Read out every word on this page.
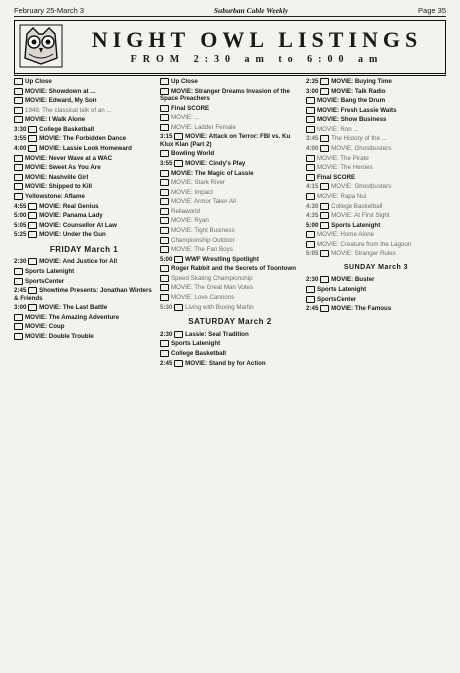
February 25-March 3	Suburban Cable Weekly	Page 35
NIGHT OWL LISTINGS
FROM 2:30 am to 6:00 am
Up Close
MOVIE: Showdown at ...
MOVIE: Edward, My Son
1949. The classical talk of an ...
MOVIE: I Walk Alone
3:30 College Basketball
3:55 MOVIE: The Forbidden Dance
4:00 MOVIE: Lassie Look Homeward
MOVIE: Never Wave at a WAC
MOVIE: Sweet As You Are
MOVIE: Nashville Girl
MOVIE: Shipped to Kill
Yellowstone: Aflame
4:55 MOVIE: Real Genius
5:00 MOVIE: Panama Lady
5:05 MOVIE: Counsellor At Law
5:25 MOVIE: Under the Gun
FRIDAY March 1
2:30 MOVIE: And Justice for All
Sports Latenight
SportsCenter
2:45 Showtime Presents: Jonathan Winters & Friends
3:00 MOVIE: The Last Battle
MOVIE: The Amazing Adventure
MOVIE: Coup
MOVIE: Double Trouble
Up Close
MOVIE: Stranger Dreams Invasion of the Space Preachers
Final SCORE
MOVIE: ...
MOVIE: Ladder Female
3:15 MOVIE: Attack on Terror: FBI vs. Ku Klux Klan (Part 2)
Bowling World
3:55 MOVIE: Cindy's Play
MOVIE: The Magic of Lassie
MOVIE: Stark River
MOVIE: Impact
MOVIE: Armor Taker All
Reliaworld
MOVIE: Ryan
MOVIE: Tight Business
Championship Outdoor
MOVIE: The Fan Boys
5:00 WWF Wrestling Spotlight
Roger Rabbit and the Secrets of Toontown
Speed Skating Championship
MOVIE: The Great Man Votes
MOVIE: Love Cannons
5:30 Living with Boxing Martin
SATURDAY March 2
2:30 Lassie: Seal Tradition
Sports Latenight
College Basketball
2:45 MOVIE: Stand by for Action
2:35 MOVIE: Buying Time
3:00 MOVIE: Talk Radio
MOVIE: Bang the Drum
MOVIE: Fresh Lassie Waits
MOVIE: Show Business
MOVIE: Ron ...
3:45 The History of the ...
4:00 MOVIE: Ghostbusters
MOVIE: The Pirate
MOVIE: The Heroes
Final SCORE
4:15 MOVIE: Ghostbusters
MOVIE: Rapa Nui
4:30 College Basketball
4:35 MOVIE: At First Sight
5:00 Sports Latenight
MOVIE: Home Alone
MOVIE: Creature from the Lagoon
5:05 MOVIE: Stranger Rules
SUNDAY March 3
2:30 MOVIE: Buster
Sports Latenight
SportsCenter
2:45 MOVIE: The Famous
